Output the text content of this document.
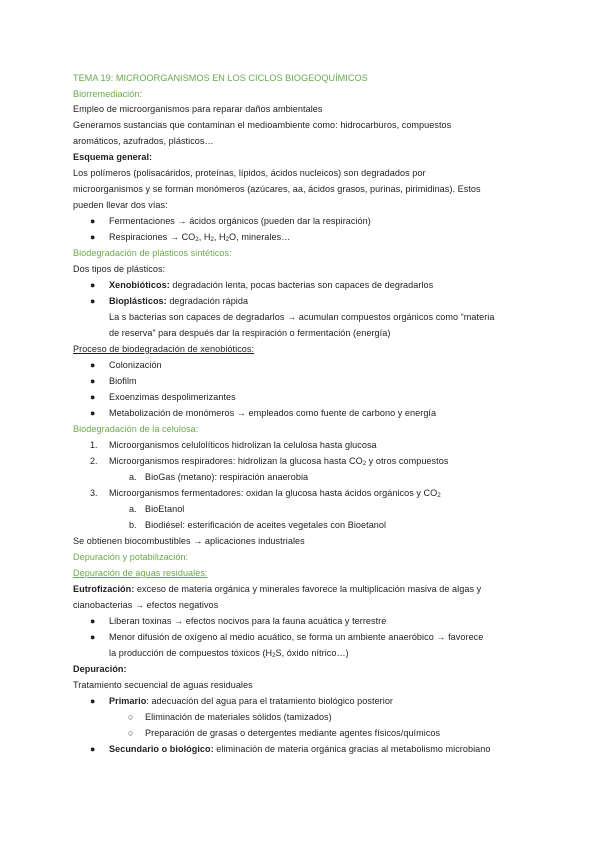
TEMA 19: MICROORGANISMOS EN LOS CICLOS BIOGEOQUÍMICOS
Biorremediación:
Empleo de microorganismos para reparar daños ambientales
Generamos sustancias que contaminan el medioambiente como: hidrocarburos, compuestos
aromáticos, azufrados, plásticos…
Esquema general:
Los polímeros (polisacáridos, proteínas, lípidos, ácidos nucleicos) son degradados por
microorganismos y se forman monómeros (azúcares, aa, ácidos grasos, purinas, pirimidinas). Estos
pueden llevar dos vías:
● Fermentaciones → ácidos orgánicos (pueden dar la respiración)
● Respiraciones → $CO_2$, $H_2$, $H_2O$, minerales…
Biodegradación de plásticos sintéticos:
Dos tipos de plásticos:
● Xenobióticos: degradación lenta, pocas bacterias son capaces de degradarlos
● Bioplásticos: degradación rápida
La s bacterias son capaces de degradarlos → acumulan compuestos orgánicos como “materia
de reserva” para después dar la respiración o fermentación (energía)
Proceso de biodegradación de xenobióticos:
● Colonización
● Biofilm
● Exoenzimas despolimerizantes
● Metabolización de monómeros → empleados como fuente de carbono y energía
Biodegradación de la celulosa:
1. Microorganismos celulolíticos hidrolizan la celulosa hasta glucosa
2. Microorganismos respiradores: hidrolizan la glucosa hasta $CO_2$ y otros compuestos
a. BioGas (metano): respiración anaerobia
3. Microorganismos fermentadores: oxidan la glucosa hasta ácidos orgánicos y $CO_2$
a. BioEtanol
b. Biodiésel: esterificación de aceites vegetales con Bioetanol
Se obtienen biocombustibles → aplicaciones industriales
Depuración y potabilización:
Depuración de aguas residuales:
Eutrofización: exceso de materia orgánica y minerales favorece la multiplicación masiva de algas y
cianobacterias → efectos negativos
● Liberan toxinas → efectos nocivos para la fauna acuática y terrestre
● Menor difusión de oxígeno al medio acuático, se forma un ambiente anaeróbico → favorece
la producción de compuestos tóxicos ($H_2S$, óxido nítrico…)
Depuración:
Tratamiento secuencial de aguas residuales
● Primario: adecuación del agua para el tratamiento biológico posterior
○ Eliminación de materiales sólidos (tamizados)
○ Preparación de grasas o detergentes mediante agentes físicos/químicos
● Secundario o biológico: eliminación de materia orgánica gracias al metabolismo microbiano
